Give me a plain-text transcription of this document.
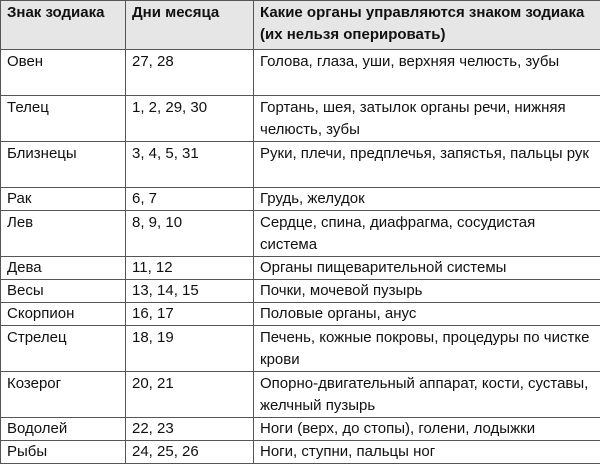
Знак зодиака	Дни месяца	Какие органы управляются знаком зодиака (их нельзя оперировать)
Овен	27, 28	Голова, глаза, уши, верхняя челюсть, зубы
Телец	1, 2, 29, 30	Гортань, шея, затылок органы речи, нижняя челюсть, зубы
Близнецы	3, 4, 5, 31	Руки, плечи, предплечья, запястья, пальцы рук
Рак	6, 7	Грудь, желудок
Лев	8, 9, 10	Сердце, спина, диафрагма, сосудистая система
Дева	11, 12	Органы пищеварительной системы
Весы	13, 14, 15	Почки, мочевой пузырь
Скорпион	16, 17	Половые органы, анус
Стрелец	18, 19	Печень, кожные покровы, процедуры по чистке крови
Козерог	20, 21	Опорно-двигательный аппарат, кости, суставы, желчный пузырь
Водолей	22, 23	Ноги (верх, до стопы), голени, лодыжки
Рыбы	24, 25, 26	Ноги, ступни, пальцы ног
